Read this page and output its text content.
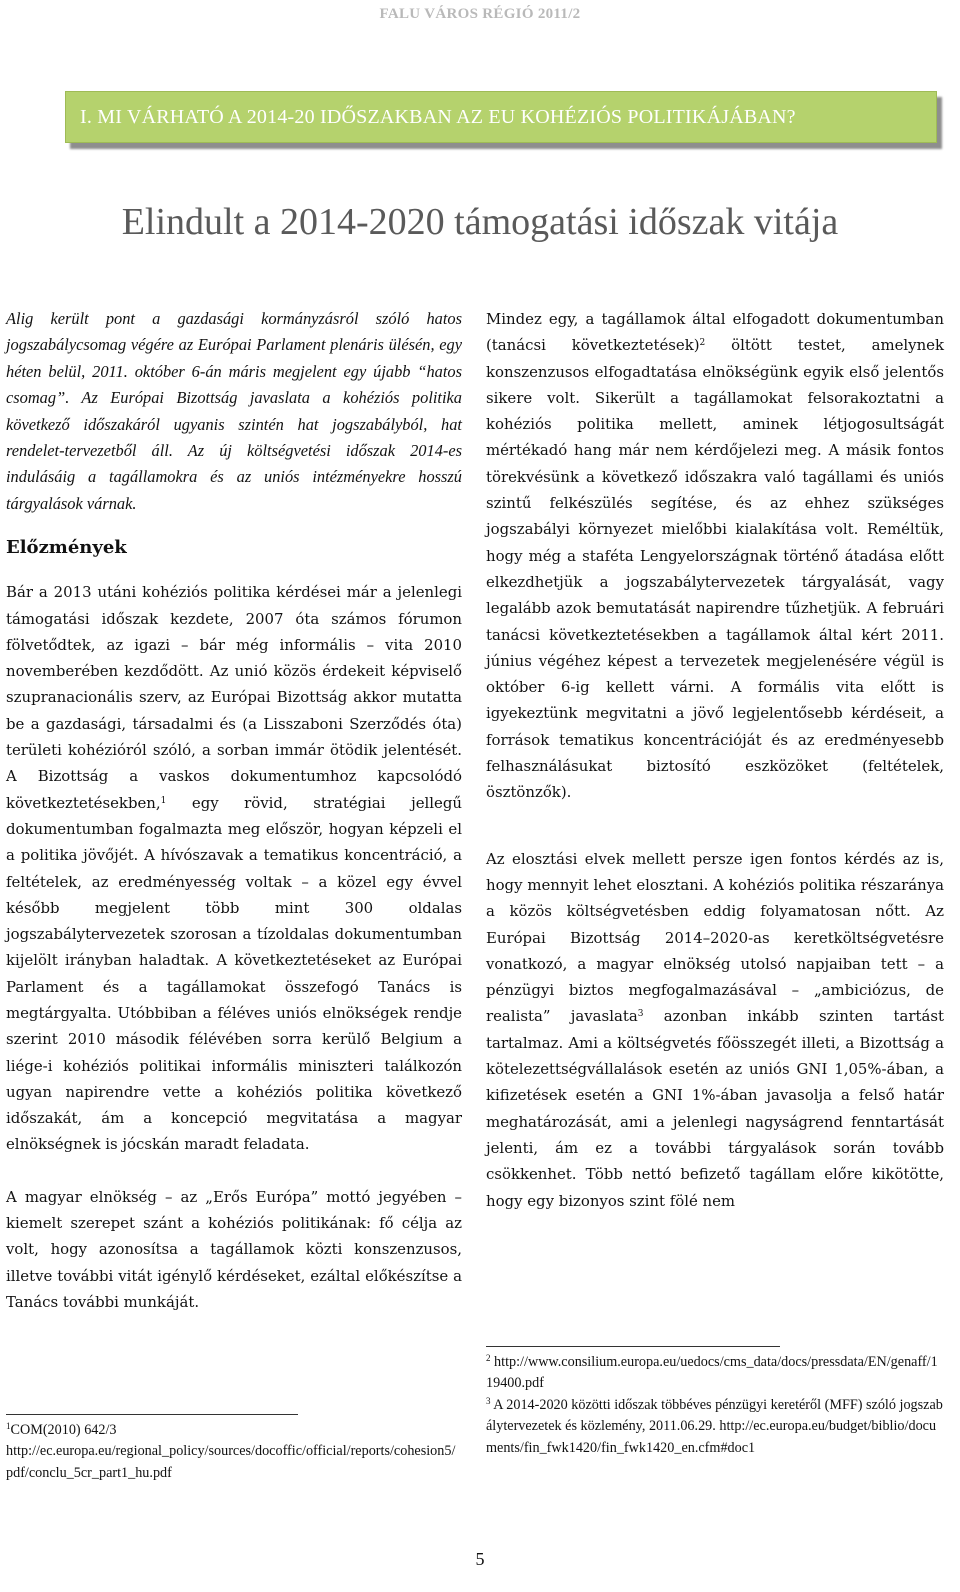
FALU VÁROS RÉGIÓ 2011/2
I. MI VÁRHATÓ A 2014-20 IDŐSZAKBAN AZ EU KOHÉZIÓS POLITIKÁJÁBAN?
Elindult a 2014-2020 támogatási időszak vitája

Alig került pont a gazdasági kormányzásról szóló hatos jogszabálycsomag végére az Európai Parlament plenáris ülésén, egy héten belül, 2011. október 6-án máris megjelent egy újabb “hatos csomag”. Az Európai Bizottság javaslata a kohéziós politika következő időszakáról ugyanis szintén hat jogszabályból, hat rendelet-tervezetből áll. Az új költségvetési időszak 2014-es indulásáig a tagállamokra és az uniós intézményekre hosszú tárgyalások várnak.

Előzmények

Bár a 2013 utáni kohéziós politika kérdései már a jelenlegi támogatási időszak kezdete, 2007 óta számos fórumon fölvetődtek, az igazi – bár még informális – vita 2010 novemberében kezdődött. Az unió közös érdekeit képviselő szupranacionális szerv, az Európai Bizottság akkor mutatta be a gazdasági, társadalmi és (a Lisszaboni Szerződés óta) területi kohézióról szóló, a sorban immár ötödik jelentését. A Bizottság a vaskos dokumentumhoz kapcsolódó következtetésekben,$^1$ egy rövid, stratégiai jellegű dokumentumban fogalmazta meg először, hogyan képzeli el a politika jövőjét. A hívószavak a tematikus koncentráció, a feltételek, az eredményesség voltak – a közel egy évvel később megjelent több mint 300 oldalas jogszabálytervezetek szorosan a tízoldalas dokumentumban kijelölt irányban haladtak. A következtetéseket az Európai Parlament és a tagállamokat összefogó Tanács is megtárgyalta. Utóbbiban a féléves uniós elnökségek rendje szerint 2010 második félévében sorra kerülő Belgium a liége-i kohéziós politikai informális miniszteri találkozón ugyan napirendre vette a kohéziós politika következő időszakát, ám a koncepció megvitatása a magyar elnökségnek is jócskán maradt feladata.

A magyar elnökség – az „Erős Európa” mottó jegyében – kiemelt szerepet szánt a kohéziós politikának: fő célja az volt, hogy azonosítsa a tagállamok közti konszenzusos, illetve további vitát igénylő kérdéseket, ezáltal előkészítse a Tanács további munkáját.

Mindez egy, a tagállamok által elfogadott dokumentumban (tanácsi következtetések)$^2$ öltött testet, amelynek konszenzusos elfogadtatása elnökségünk egyik első jelentős sikere volt. Sikerült a tagállamokat felsorakoztatni a kohéziós politika mellett, aminek létjogosultságát mértékadó hang már nem kérdőjelezi meg. A másik fontos törekvésünk a következő időszakra való tagállami és uniós szintű felkészülés segítése, és az ehhez szükséges jogszabályi környezet mielőbbi kialakítása volt. Reméltük, hogy még a staféta Lengyelországnak történő átadása előtt elkezdhetjük a jogszabálytervezetek tárgyalását, vagy legalább azok bemutatását napirendre tűzhetjük. A februári tanácsi következtetésekben a tagállamok által kért 2011. június végéhez képest a tervezetek megjelenésére végül is október 6-ig kellett várni. A formális vita előtt is igyekeztünk megvitatni a jövő legjelentősebb kérdéseit, a források tematikus koncentrációját és az eredményesebb felhasználásukat biztosító eszközöket (feltételek, ösztönzők).

Az elosztási elvek mellett persze igen fontos kérdés az is, hogy mennyit lehet elosztani. A kohéziós politika részaránya a közös költségvetésben eddig folyamatosan nőtt. Az Európai Bizottság 2014–2020-as keretköltségvetésre vonatkozó, a magyar elnökség utolsó napjaiban tett – a pénzügyi biztos megfogalmazásával – „ambiciózus, de realista” javaslata$^3$ azonban inkább szinten tartást tartalmaz. Ami a költségvetés főösszegét illeti, a Bizottság a kötelezettségvállalások esetén az uniós GNI 1,05%-ában, a kifizetések esetén a GNI 1%-ában javasolja a felső határ meghatározását, ami a jelenlegi nagyságrend fenntartását jelenti, ám ez a további tárgyalások során tovább csökkenhet. Több nettó befizető tagállam előre kikötötte, hogy egy bizonyos szint fölé nem

$^1$COM(2010) 642/3

http://ec.europa.eu/regional_policy/sources/docoffic/official/reports/cohesion5/pdf/conclu_5cr_part1_hu.pdf

$^2$ http://www.consilium.europa.eu/uedocs/cms_data/docs/pressdata/EN/genaff/119400.pdf

$^3$ A 2014-2020 közötti időszak többéves pénzügyi keretéről (MFF) szóló jogszabálytervezetek és közlemény, 2011.06.29. http://ec.europa.eu/budget/biblio/documents/fin_fwk1420/fin_fwk1420_en.cfm#doc1

5
